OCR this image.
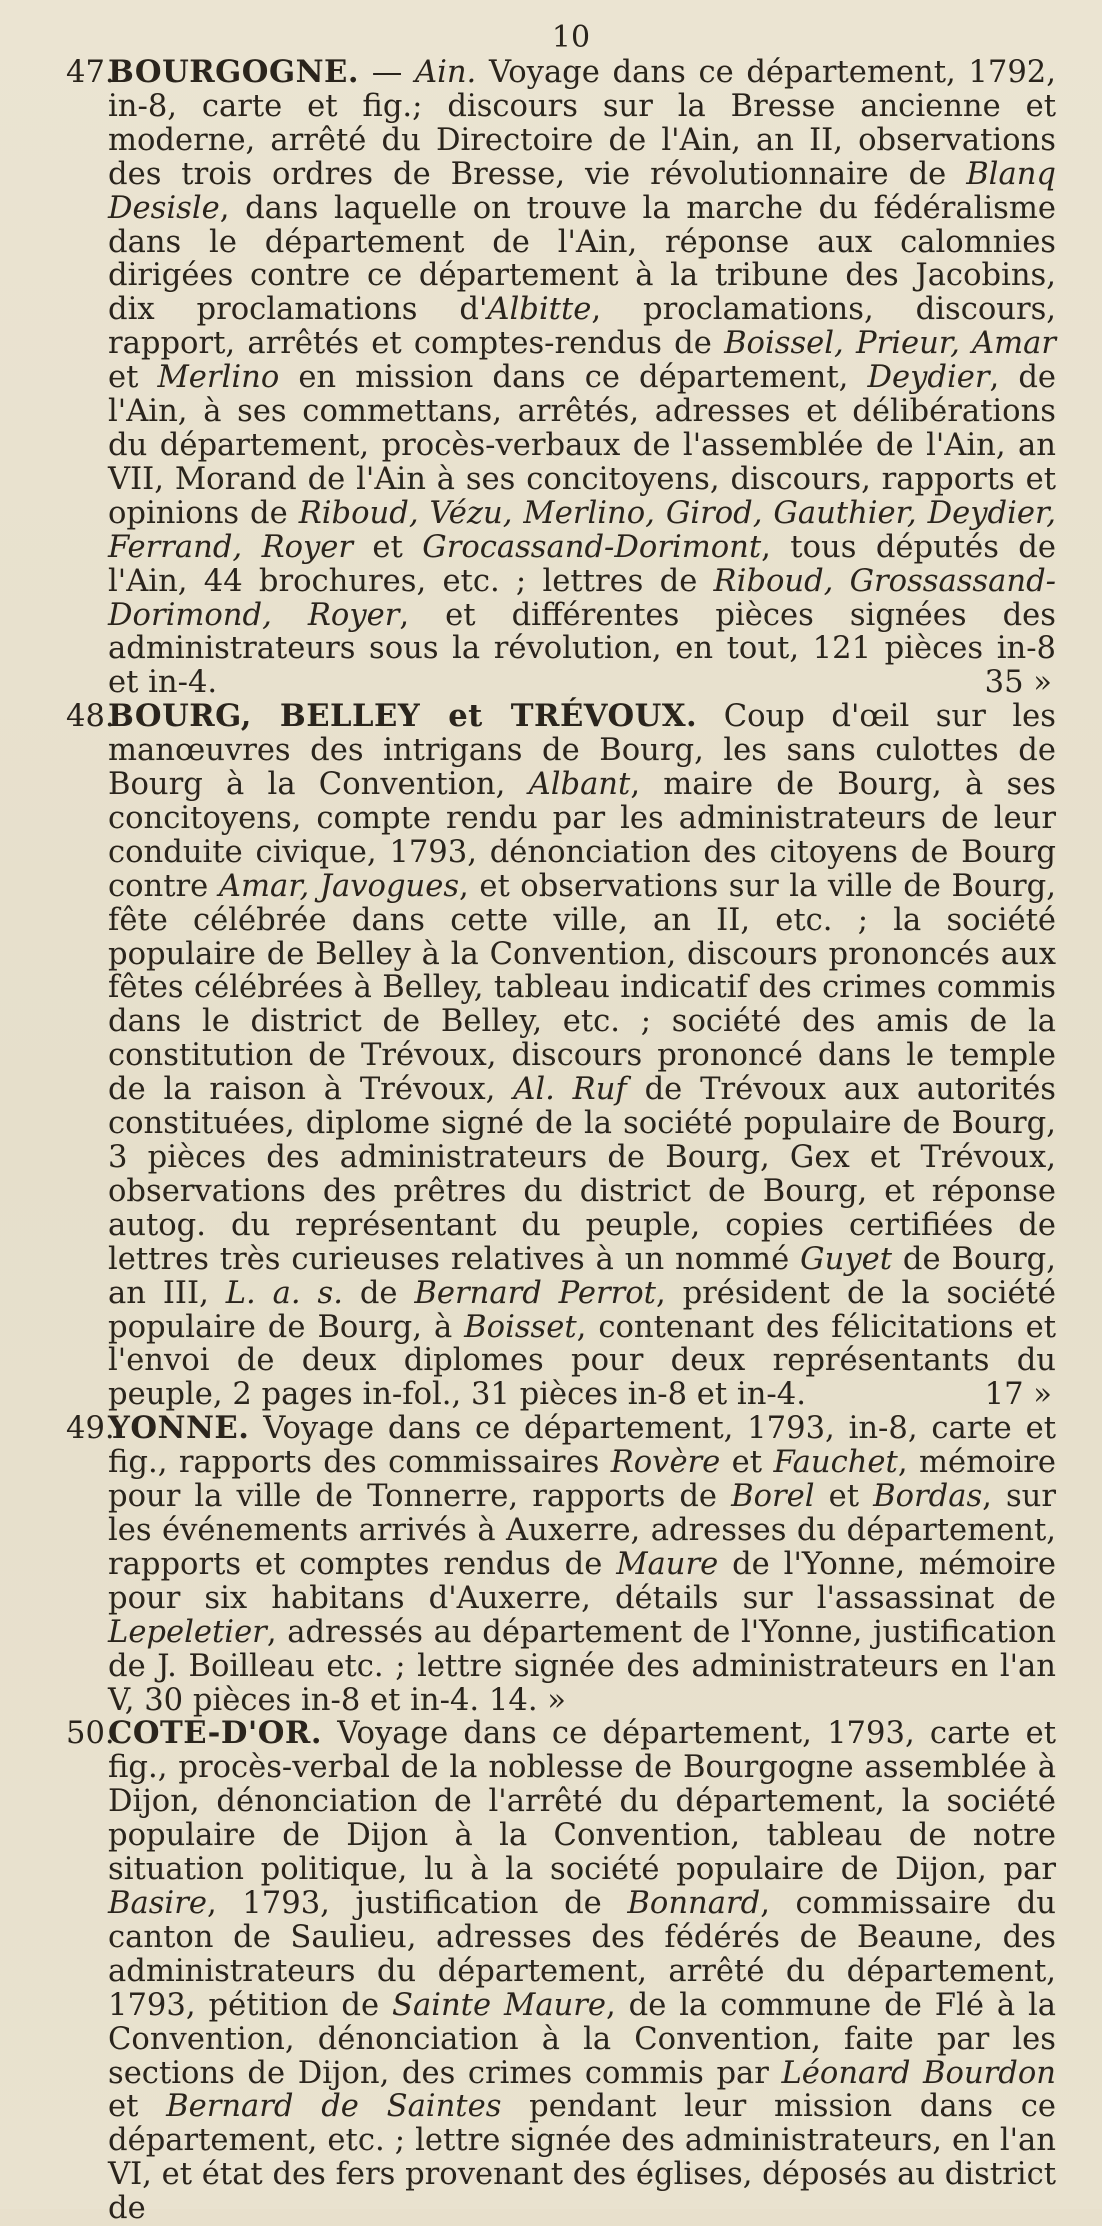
10
47.
BOURGOGNE. — Ain. Voyage dans ce département, 1792, in-8, carte et fig.; discours sur la Bresse ancienne et moderne, arrêté du Directoire de l'Ain, an II, observations des trois ordres de Bresse, vie révolutionnaire de Blanq Desisle, dans laquelle on trouve la marche du fédéralisme dans le département de l'Ain, réponse aux calomnies dirigées contre ce département à la tribune des Jacobins, dix proclamations d'Albitte, proclamations, discours, rapport, arrêtés et comptes-rendus de Boissel, Prieur, Amar et Merlino en mission dans ce département, Deydier, de l'Ain, à ses commettans, arrêtés, adresses et délibérations du département, procès-verbaux de l'assemblée de l'Ain, an VII, Morand de l'Ain à ses concitoyens, discours, rapports et opinions de Riboud, Vézu, Merlino, Girod, Gauthier, Deydier, Ferrand, Royer et Grocassand-Dorimont, tous députés de l'Ain, 44 brochures, etc. ; lettres de Riboud, Grossassand-Dorimond, Royer, et différentes pièces signées des administrateurs sous la révolution, en tout, 121 pièces in-8 et in-4.	35 »
48.
BOURG, BELLEY et TRÉVOUX. Coup d'œil sur les manœuvres des intrigans de Bourg, les sans culottes de Bourg à la Convention, Albant, maire de Bourg, à ses concitoyens, compte rendu par les administrateurs de leur conduite civique, 1793, dénonciation des citoyens de Bourg contre Amar, Javogues, et observations sur la ville de Bourg, fête célébrée dans cette ville, an II, etc. ; la société populaire de Belley à la Convention, discours prononcés aux fêtes célébrées à Belley, tableau indicatif des crimes commis dans le district de Belley, etc. ; société des amis de la constitution de Trévoux, discours prononcé dans le temple de la raison à Trévoux, Al. Ruf de Trévoux aux autorités constituées, diplome signé de la société populaire de Bourg, 3 pièces des administrateurs de Bourg, Gex et Trévoux, observations des prêtres du district de Bourg, et réponse autog. du représentant du peuple, copies certifiées de lettres très curieuses relatives à un nommé Guyet de Bourg, an III, L. a. s. de Bernard Perrot, président de la société populaire de Bourg, à Boisset, contenant des félicitations et l'envoi de deux diplomes pour deux représentants du peuple, 2 pages in-fol., 31 pièces in-8 et in-4.	17 »
49.
YONNE. Voyage dans ce département, 1793, in-8, carte et fig., rapports des commissaires Rovère et Fauchet, mémoire pour la ville de Tonnerre, rapports de Borel et Bordas, sur les événements arrivés à Auxerre, adresses du département, rapports et comptes rendus de Maure de l'Yonne, mémoire pour six habitans d'Auxerre, détails sur l'assassinat de Lepeletier, adressés au département de l'Yonne, justification de J. Boilleau etc. ; lettre signée des administrateurs en l'an V, 30 pièces in-8 et in-4. 14. »
50.
COTE-D'OR. Voyage dans ce département, 1793, carte et fig., procès-verbal de la noblesse de Bourgogne assemblée à Dijon, dénonciation de l'arrêté du département, la société populaire de Dijon à la Convention, tableau de notre situation politique, lu à la société populaire de Dijon, par Basire, 1793, justification de Bonnard, commissaire du canton de Saulieu, adresses des fédérés de Beaune, des administrateurs du département, arrêté du département, 1793, pétition de Sainte Maure, de la commune de Flé à la Convention, dénonciation à la Convention, faite par les sections de Dijon, des crimes commis par Léonard Bourdon et Bernard de Saintes pendant leur mission dans ce département, etc. ; lettre signée des administrateurs, en l'an VI, et état des fers provenant des églises, déposés au district de
